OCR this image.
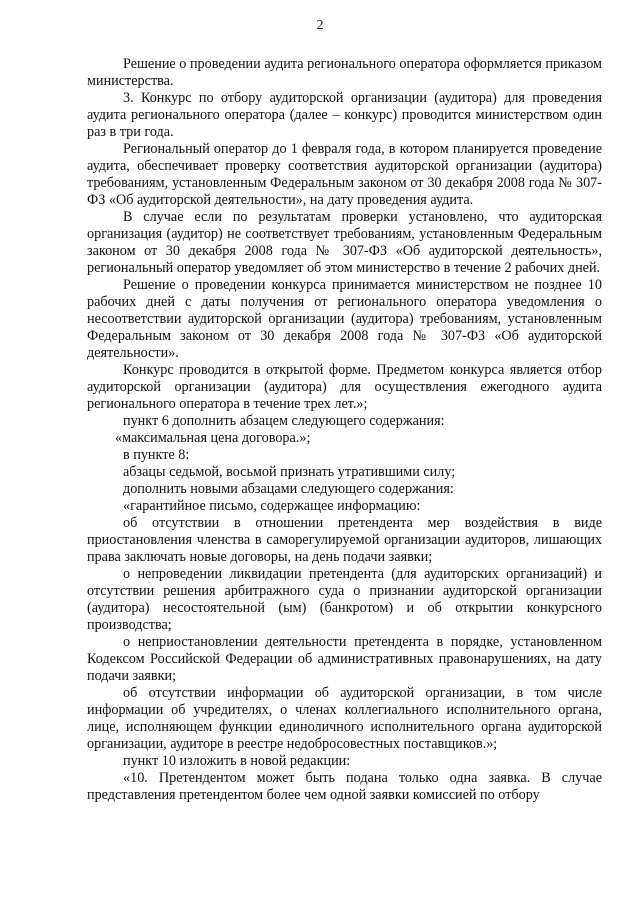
2

Решение о проведении аудита регионального оператора оформляется приказом министерства.

3. Конкурс по отбору аудиторской организации (аудитора) для проведения аудита регионального оператора (далее – конкурс) проводится министерством один раз в три года.

Региональный оператор до 1 февраля года, в котором планируется проведение аудита, обеспечивает проверку соответствия аудиторской организации (аудитора) требованиям, установленным Федеральным законом от 30 декабря 2008 года № 307-ФЗ «Об аудиторской деятельности», на дату проведения аудита.

В случае если по результатам проверки установлено, что аудиторская организация (аудитор) не соответствует требованиям, установленным Федеральным законом от 30 декабря 2008 года № 307-ФЗ «Об аудиторской деятельность», региональный оператор уведомляет об этом министерство в течение 2 рабочих дней.

Решение о проведении конкурса принимается министерством не позднее 10 рабочих дней с даты получения от регионального оператора уведомления о несоответствии аудиторской организации (аудитора) требованиям, установленным Федеральным законом от 30 декабря 2008 года № 307-ФЗ «Об аудиторской деятельности».

Конкурс проводится в открытой форме. Предметом конкурса является отбор аудиторской организации (аудитора) для осуществления ежегодного аудита регионального оператора в течение трех лет.»;

пункт 6 дополнить абзацем следующего содержания:

«максимальная цена договора.»;

в пункте 8:

абзацы седьмой, восьмой признать утратившими силу;

дополнить новыми абзацами следующего содержания:

«гарантийное письмо, содержащее информацию:

об отсутствии в отношении претендента мер воздействия в виде приостановления членства в саморегулируемой организации аудиторов, лишающих права заключать новые договоры, на день подачи заявки;

о непроведении ликвидации претендента (для аудиторских организаций) и отсутствии решения арбитражного суда о признании аудиторской организации (аудитора) несостоятельной (ым) (банкротом) и об открытии конкурсного производства;

о неприостановлении деятельности претендента в порядке, установленном Кодексом Российской Федерации об административных правонарушениях, на дату подачи заявки;

об отсутствии информации об аудиторской организации, в том числе информации об учредителях, о членах коллегиального исполнительного органа, лице, исполняющем функции единоличного исполнительного органа аудиторской организации, аудиторе в реестре недобросовестных поставщиков.»;

пункт 10 изложить в новой редакции:

«10. Претендентом может быть подана только одна заявка. В случае представления претендентом более чем одной заявки комиссией по отбору
